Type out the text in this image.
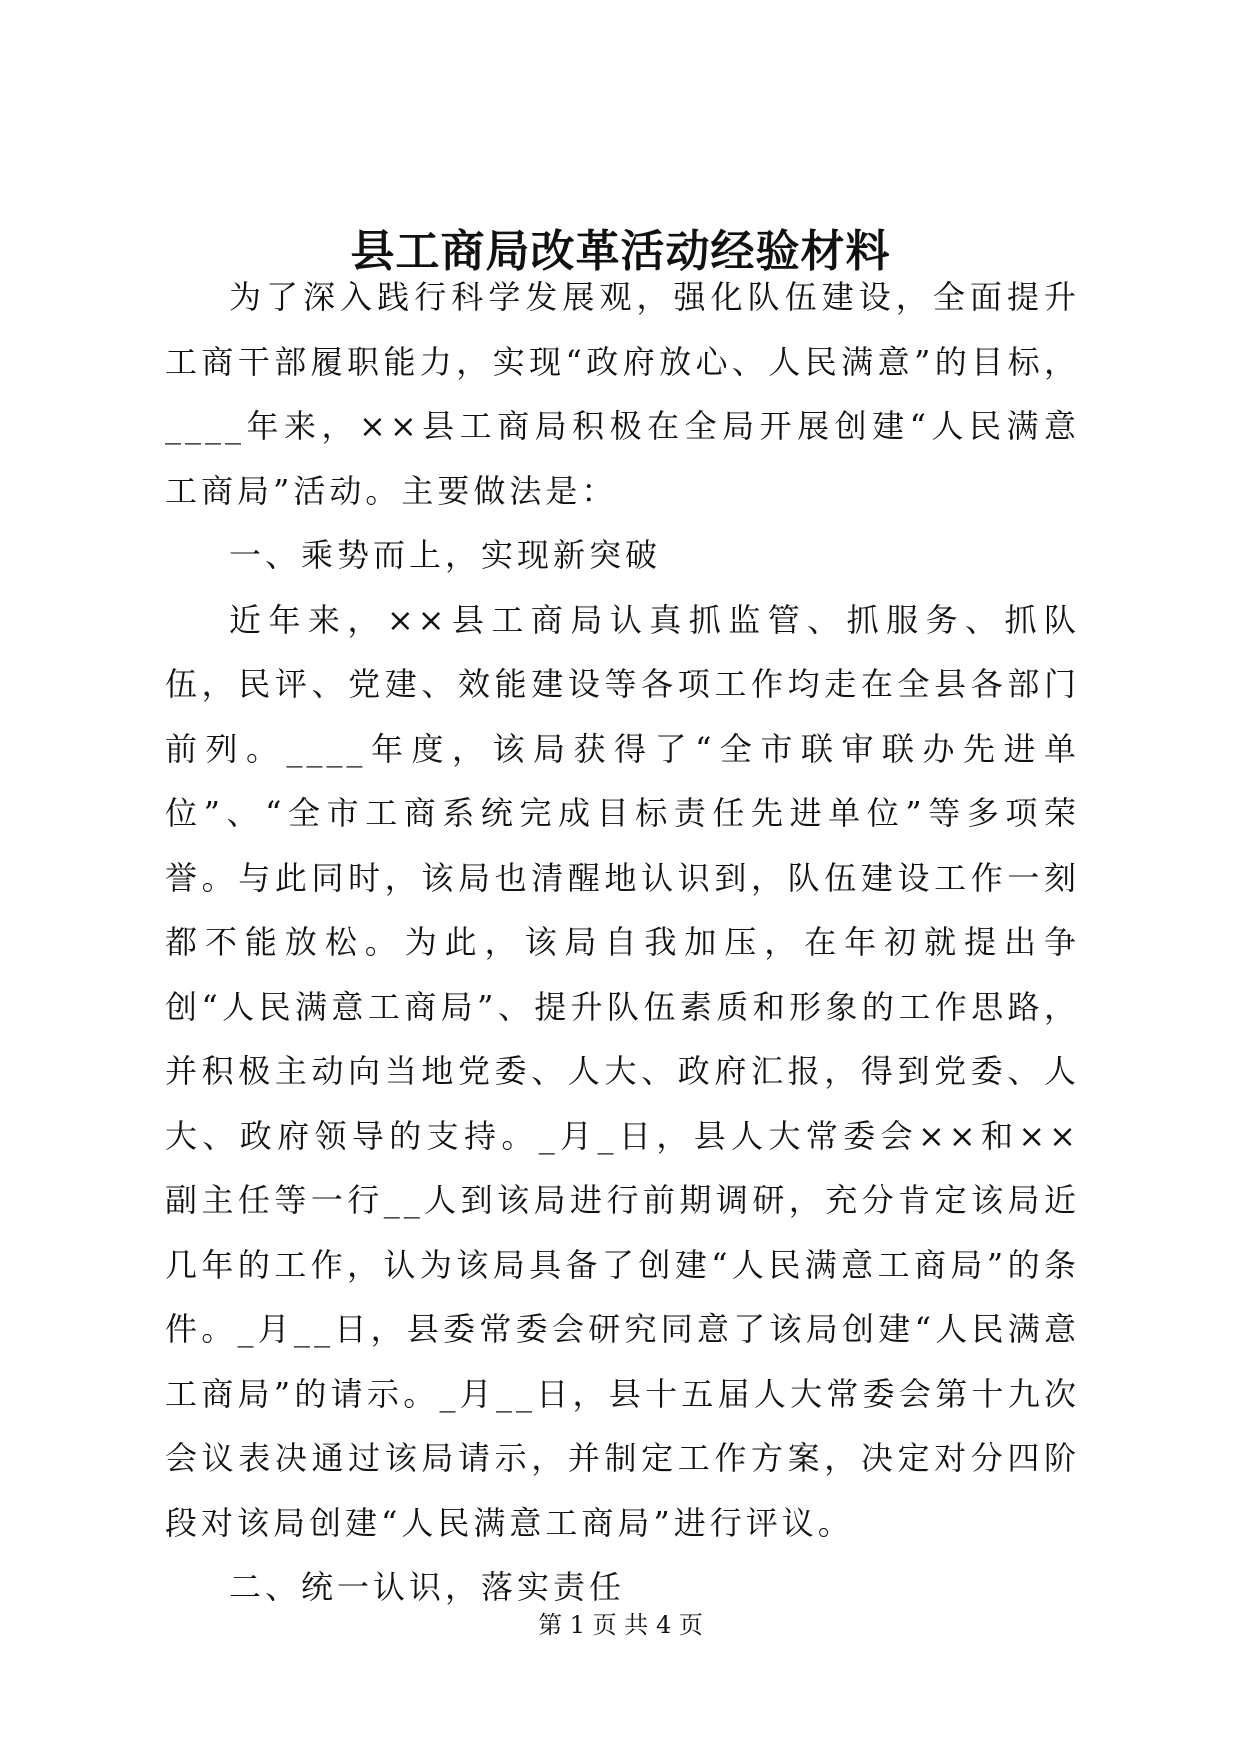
县工商局改革活动经验材料

为了深入践行科学发展观，强化队伍建设，全面提升工商干部履职能力，实现“政府放心、人民满意”的目标，____年来，××县工商局积极在全局开展创建“人民满意工商局”活动。主要做法是：

一、乘势而上，实现新突破

近年来，××县工商局认真抓监管、抓服务、抓队伍，民评、党建、效能建设等各项工作均走在全县各部门前列。____年度，该局获得了“全市联审联办先进单位”、“全市工商系统完成目标责任先进单位”等多项荣誉。与此同时，该局也清醒地认识到，队伍建设工作一刻都不能放松。为此，该局自我加压，在年初就提出争创“人民满意工商局”、提升队伍素质和形象的工作思路，并积极主动向当地党委、人大、政府汇报，得到党委、人大、政府领导的支持。_月_日，县人大常委会××和××副主任等一行__人到该局进行前期调研，充分肯定该局近几年的工作，认为该局具备了创建“人民满意工商局”的条件。_月__日，县委常委会研究同意了该局创建“人民满意工商局”的请示。_月__日，县十五届人大常委会第十九次会议表决通过该局请示，并制定工作方案，决定对分四阶段对该局创建“人民满意工商局”进行评议。

二、统一认识，落实责任

第 1 页 共 4 页
